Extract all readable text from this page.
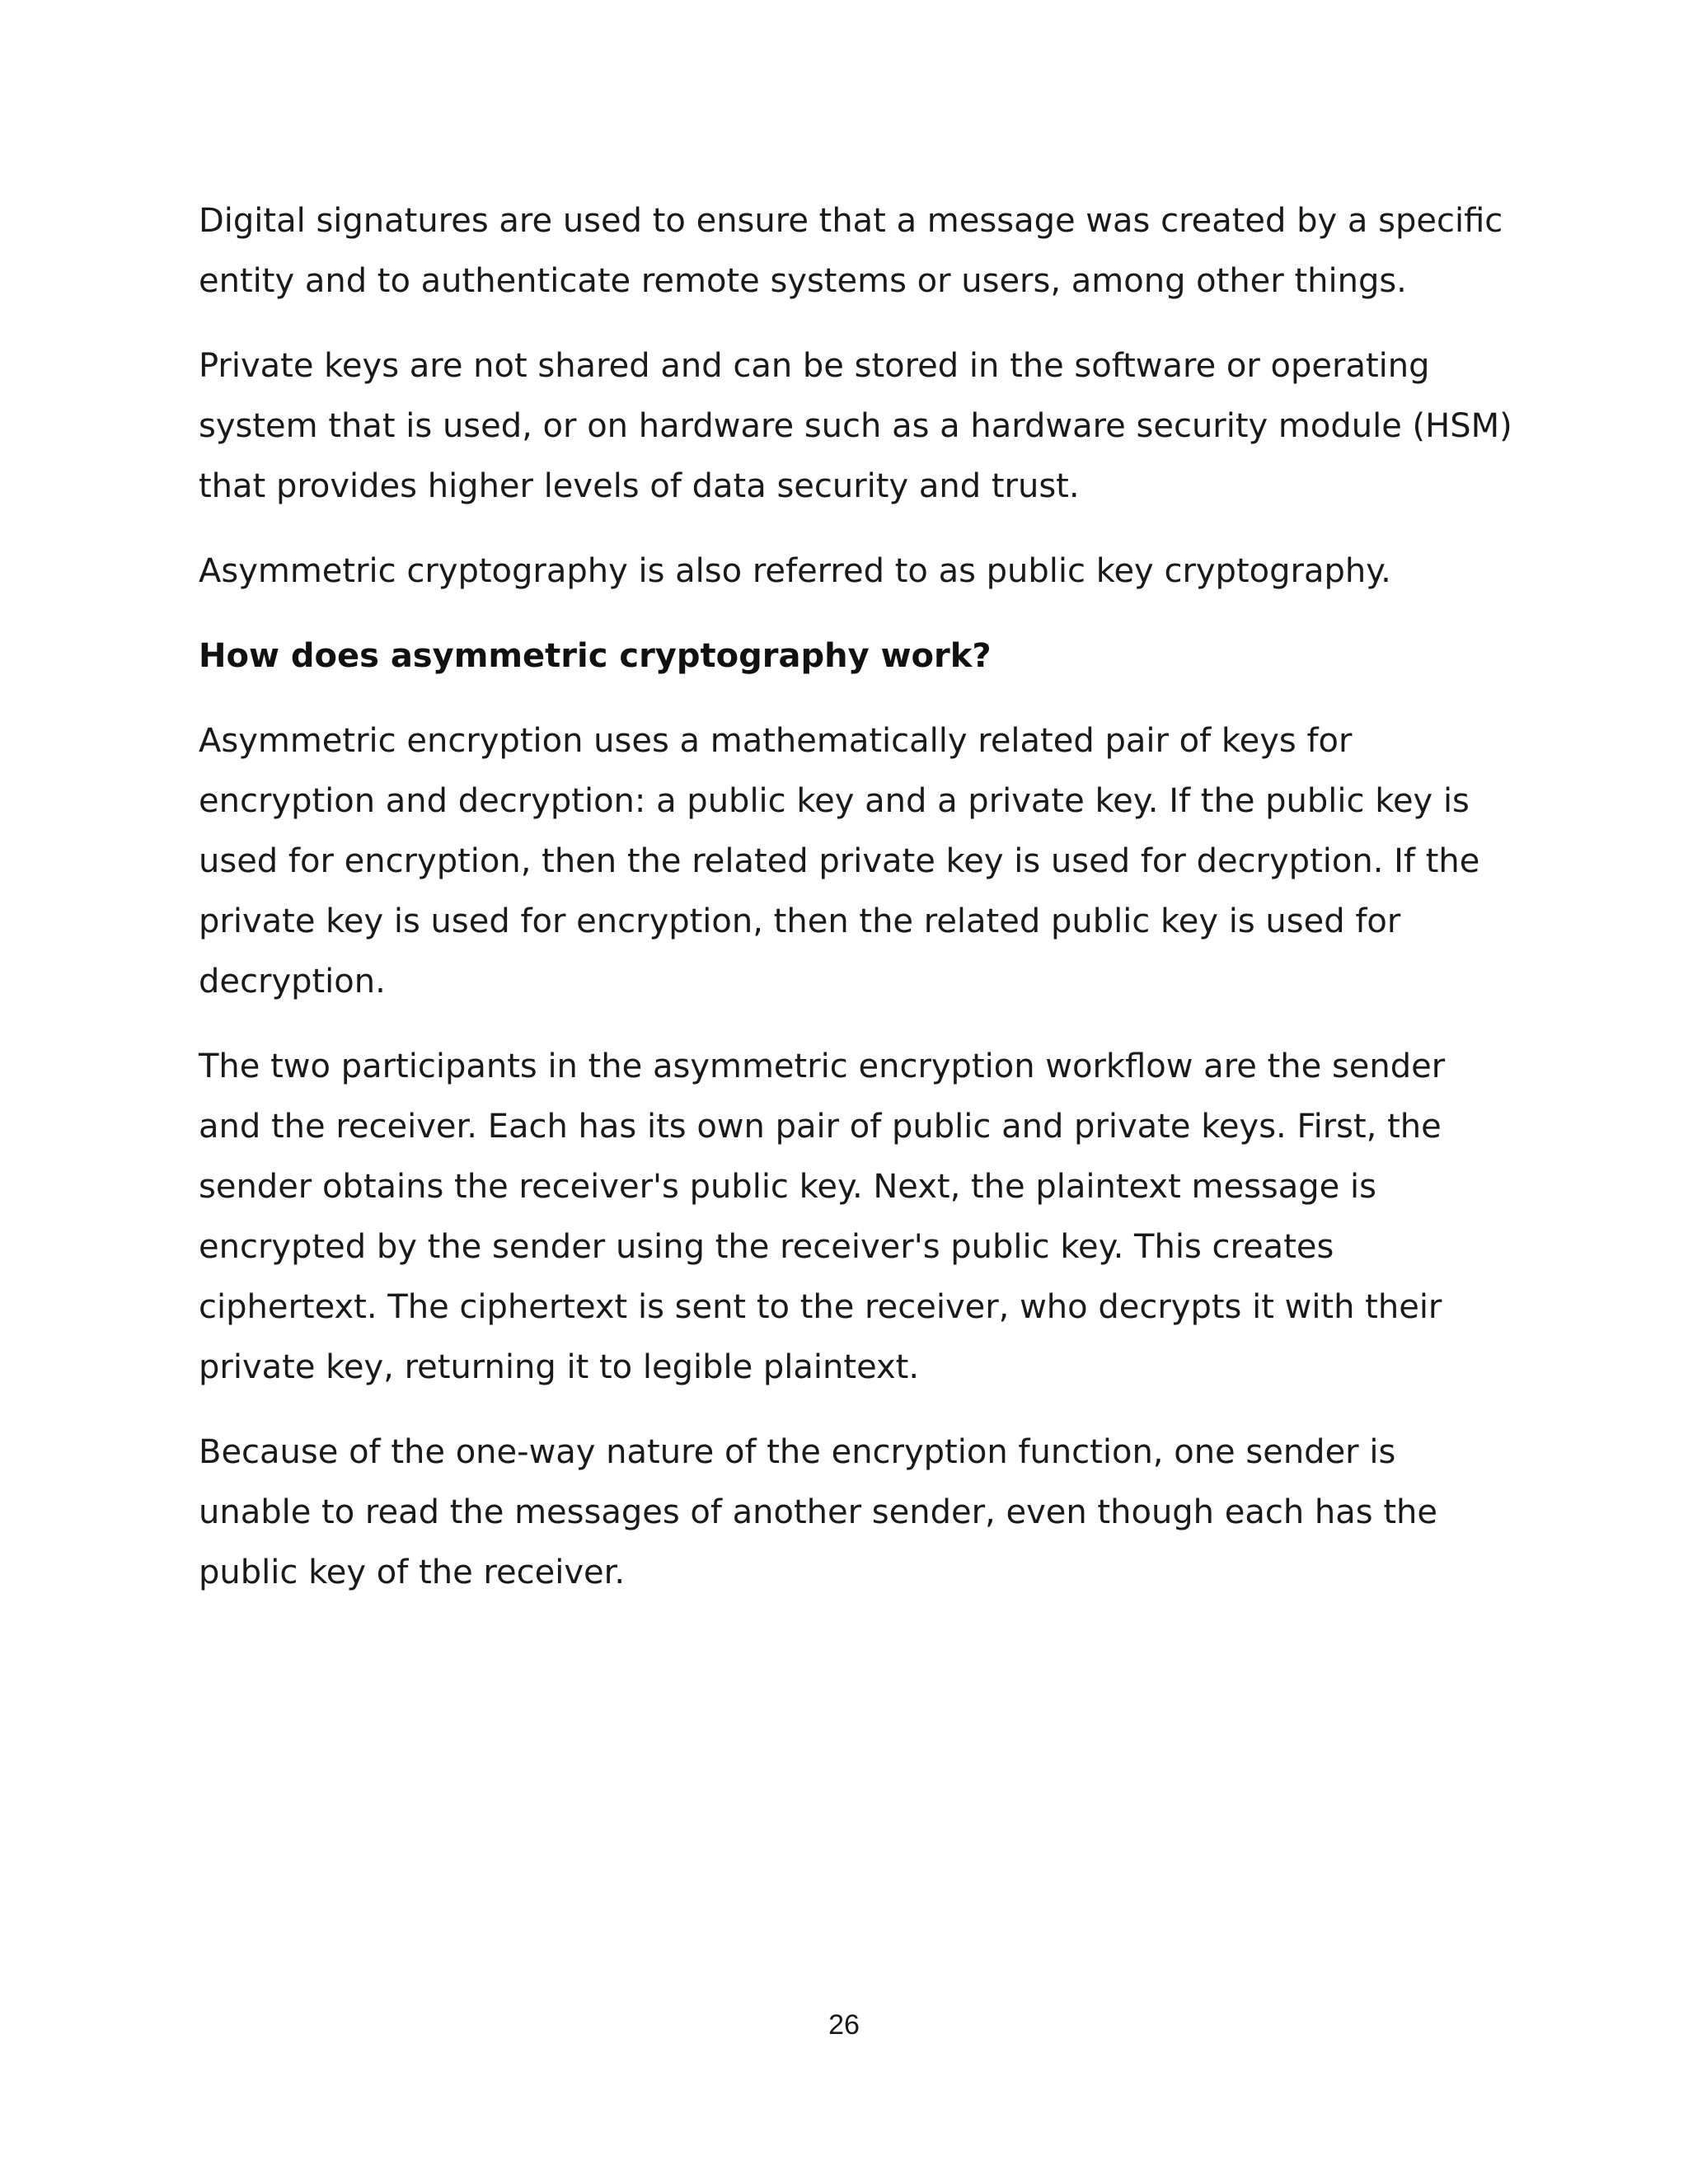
Digital signatures are used to ensure that a message was created by a specific entity and to authenticate remote systems or users, among other things.

Private keys are not shared and can be stored in the software or operating system that is used, or on hardware such as a hardware security module (HSM) that provides higher levels of data security and trust.

Asymmetric cryptography is also referred to as public key cryptography.

How does asymmetric cryptography work?

Asymmetric encryption uses a mathematically related pair of keys for encryption and decryption: a public key and a private key. If the public key is used for encryption, then the related private key is used for decryption. If the private key is used for encryption, then the related public key is used for decryption.

The two participants in the asymmetric encryption workflow are the sender and the receiver. Each has its own pair of public and private keys. First, the sender obtains the receiver's public key. Next, the plaintext message is encrypted by the sender using the receiver's public key. This creates ciphertext. The ciphertext is sent to the receiver, who decrypts it with their private key, returning it to legible plaintext.

Because of the one-way nature of the encryption function, one sender is unable to read the messages of another sender, even though each has the public key of the receiver.

26
